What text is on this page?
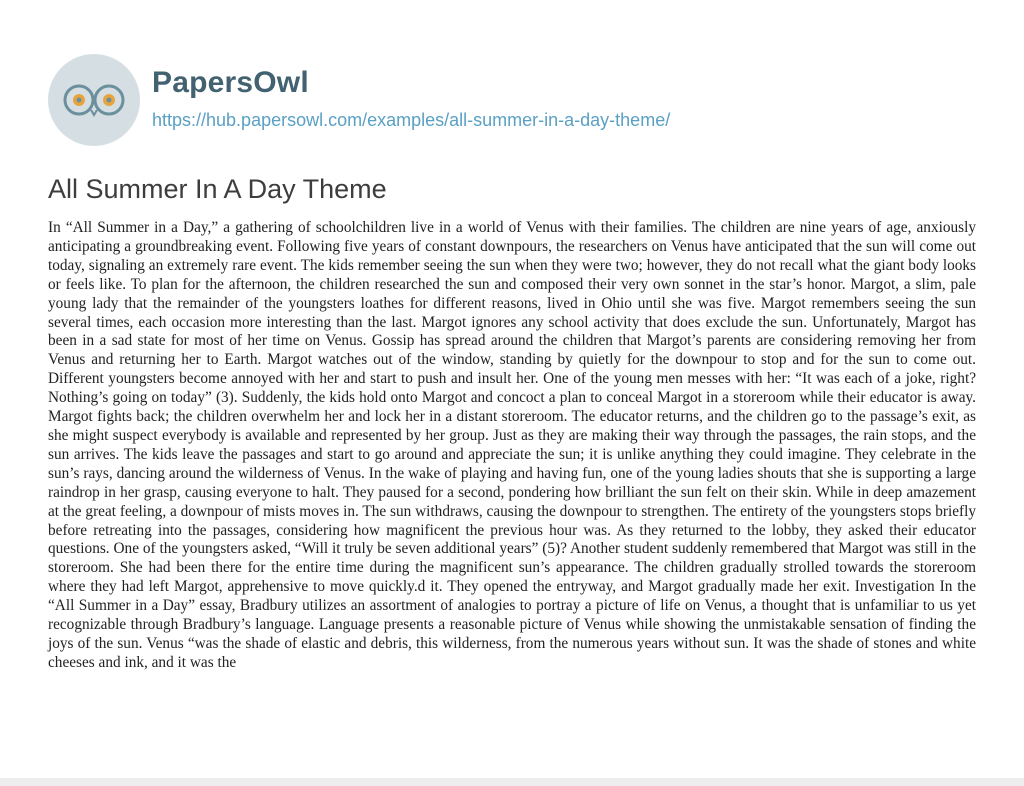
PapersOwl
https://hub.papersowl.com/examples/all-summer-in-a-day-theme/
All Summer In A Day Theme

In “All Summer in a Day,” a gathering of schoolchildren live in a world of Venus with their families. The children are nine years of age, anxiously anticipating a groundbreaking event. Following five years of constant downpours, the researchers on Venus have anticipated that the sun will come out today, signaling an extremely rare event. The kids remember seeing the sun when they were two; however, they do not recall what the giant body looks or feels like. To plan for the afternoon, the children researched the sun and composed their very own sonnet in the star’s honor. Margot, a slim, pale young lady that the remainder of the youngsters loathes for different reasons, lived in Ohio until she was five. Margot remembers seeing the sun several times, each occasion more interesting than the last. Margot ignores any school activity that does exclude the sun. Unfortunately, Margot has been in a sad state for most of her time on Venus. Gossip has spread around the children that Margot’s parents are considering removing her from Venus and returning her to Earth. Margot watches out of the window, standing by quietly for the downpour to stop and for the sun to come out. Different youngsters become annoyed with her and start to push and insult her. One of the young men messes with her: “It was each of a joke, right? Nothing’s going on today” (3). Suddenly, the kids hold onto Margot and concoct a plan to conceal Margot in a storeroom while their educator is away. Margot fights back; the children overwhelm her and lock her in a distant storeroom. The educator returns, and the children go to the passage’s exit, as she might suspect everybody is available and represented by her group. Just as they are making their way through the passages, the rain stops, and the sun arrives. The kids leave the passages and start to go around and appreciate the sun; it is unlike anything they could imagine. They celebrate in the sun’s rays, dancing around the wilderness of Venus. In the wake of playing and having fun, one of the young ladies shouts that she is supporting a large raindrop in her grasp, causing everyone to halt. They paused for a second, pondering how brilliant the sun felt on their skin. While in deep amazement at the great feeling, a downpour of mists moves in. The sun withdraws, causing the downpour to strengthen. The entirety of the youngsters stops briefly before retreating into the passages, considering how magnificent the previous hour was. As they returned to the lobby, they asked their educator questions. One of the youngsters asked, “Will it truly be seven additional years” (5)? Another student suddenly remembered that Margot was still in the storeroom. She had been there for the entire time during the magnificent sun’s appearance. The children gradually strolled towards the storeroom where they had left Margot, apprehensive to move quickly.d it. They opened the entryway, and Margot gradually made her exit. Investigation In the “All Summer in a Day” essay, Bradbury utilizes an assortment of analogies to portray a picture of life on Venus, a thought that is unfamiliar to us yet recognizable through Bradbury’s language. Language presents a reasonable picture of Venus while showing the unmistakable sensation of finding the joys of the sun. Venus “was the shade of elastic and debris, this wilderness, from the numerous years without sun. It was the shade of stones and white cheeses and ink, and it was the
